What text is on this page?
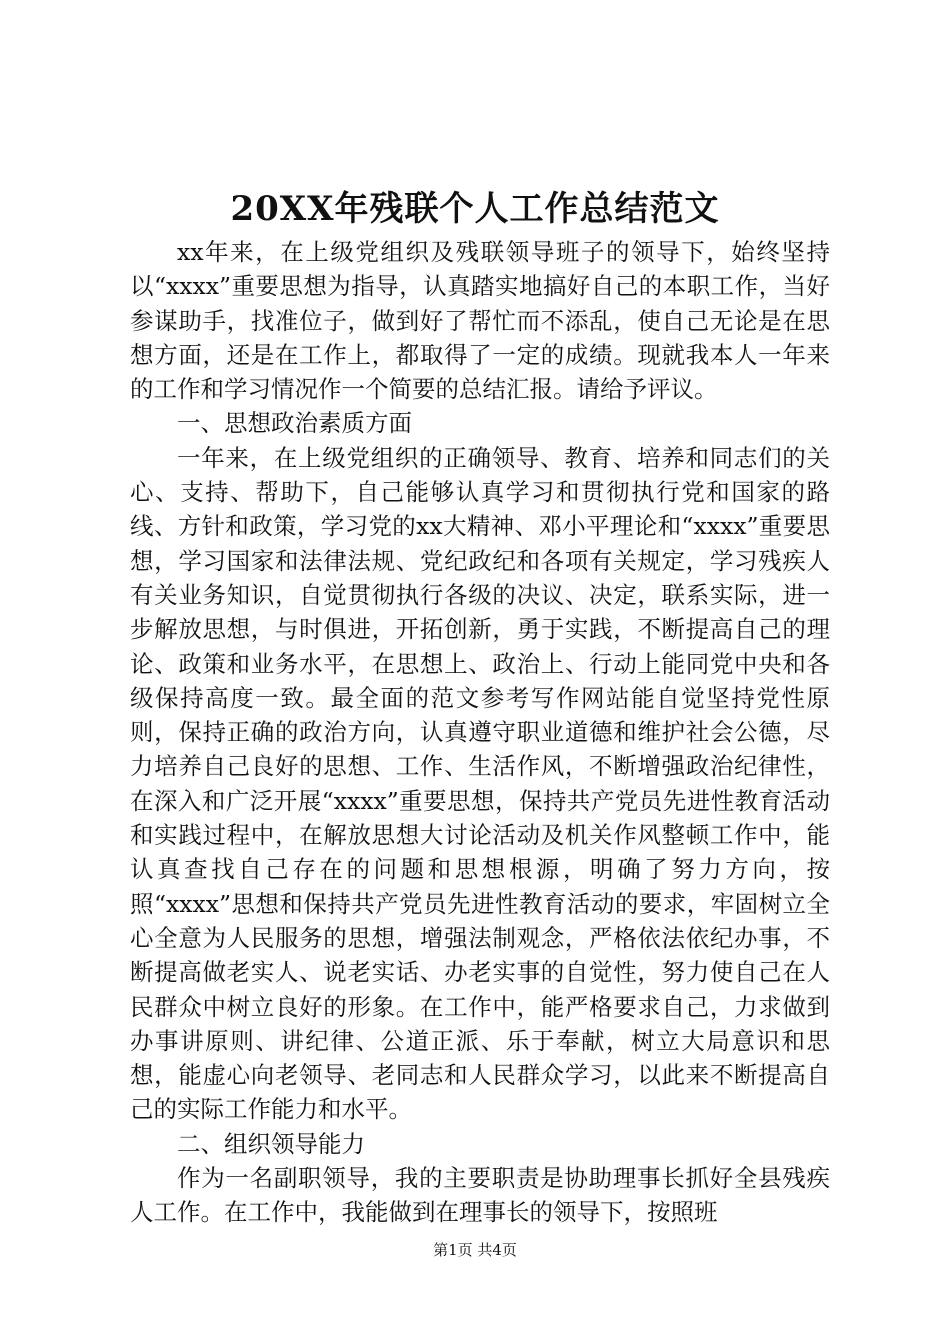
20XX年残联个人工作总结范文

xx年来，在上级党组织及残联领导班子的领导下，始终坚持以“xxxx”重要思想为指导，认真踏实地搞好自己的本职工作，当好参谋助手，找准位子，做到好了帮忙而不添乱，使自己无论是在思想方面，还是在工作上，都取得了一定的成绩。现就我本人一年来的工作和学习情况作一个简要的总结汇报。请给予评议。

一、思想政治素质方面

一年来，在上级党组织的正确领导、教育、培养和同志们的关心、支持、帮助下，自己能够认真学习和贯彻执行党和国家的路线、方针和政策，学习党的xx大精神、邓小平理论和“xxxx”重要思想，学习国家和法律法规、党纪政纪和各项有关规定，学习残疾人有关业务知识，自觉贯彻执行各级的决议、决定，联系实际，进一步解放思想，与时俱进，开拓创新，勇于实践，不断提高自己的理论、政策和业务水平，在思想上、政治上、行动上能同党中央和各级保持高度一致。最全面的范文参考写作网站能自觉坚持党性原则，保持正确的政治方向，认真遵守职业道德和维护社会公德，尽力培养自己良好的思想、工作、生活作风，不断增强政治纪律性，在深入和广泛开展“xxxx”重要思想，保持共产党员先进性教育活动和实践过程中，在解放思想大讨论活动及机关作风整顿工作中，能认真查找自己存在的问题和思想根源，明确了努力方向，按照“xxxx”思想和保持共产党员先进性教育活动的要求，牢固树立全心全意为人民服务的思想，增强法制观念，严格依法依纪办事，不断提高做老实人、说老实话、办老实事的自觉性，努力使自己在人民群众中树立良好的形象。在工作中，能严格要求自己，力求做到办事讲原则、讲纪律、公道正派、乐于奉献，树立大局意识和思想，能虚心向老领导、老同志和人民群众学习，以此来不断提高自己的实际工作能力和水平。

二、组织领导能力

作为一名副职领导，我的主要职责是协助理事长抓好全县残疾人工作。在工作中，我能做到在理事长的领导下，按照班

第1页 共4页
